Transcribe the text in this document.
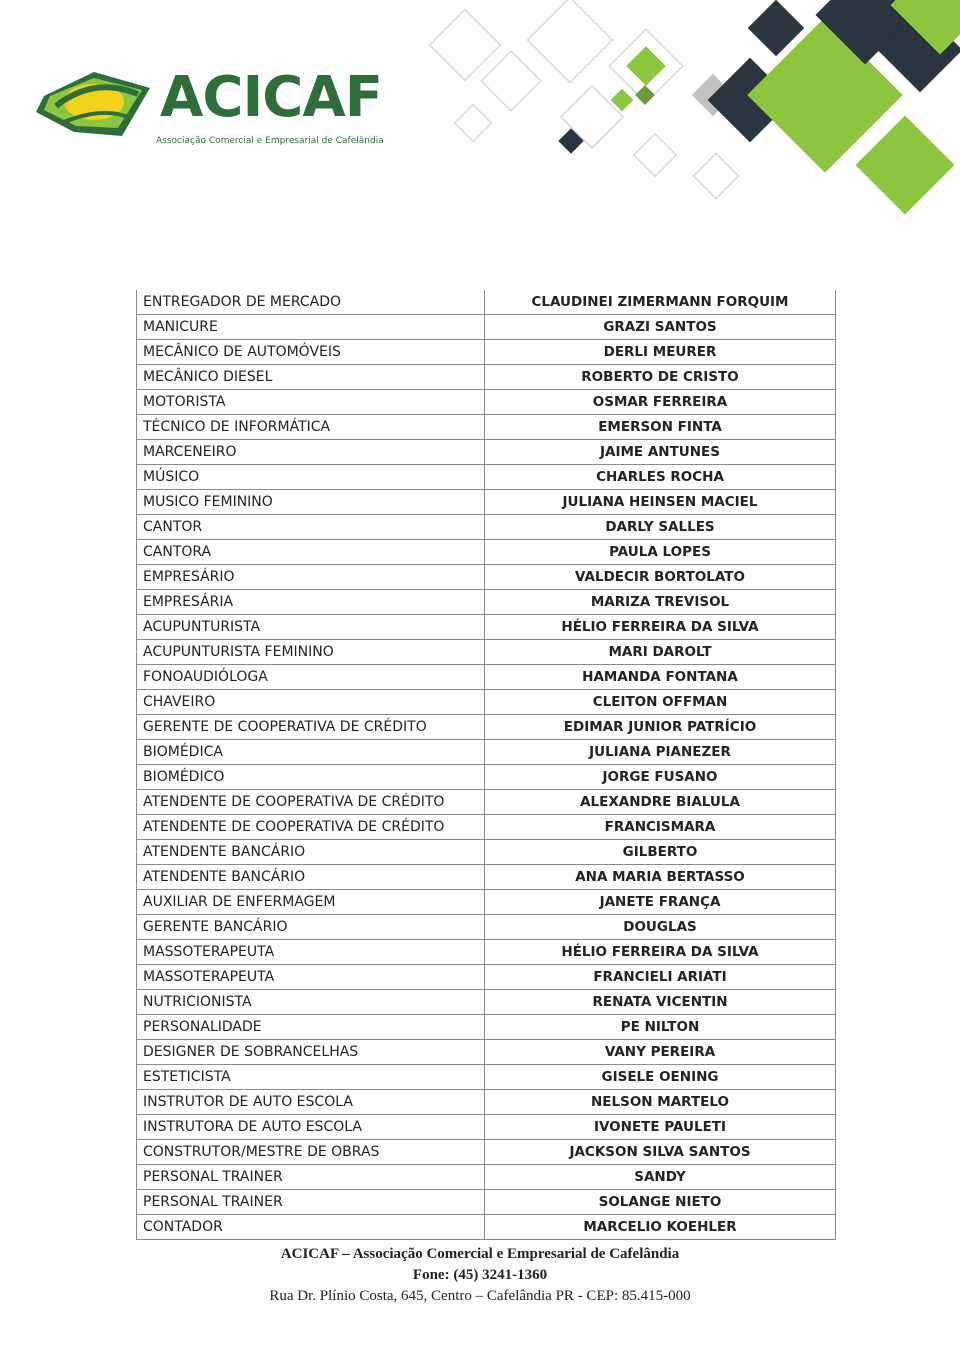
ACICAF
Associação Comercial e Empresarial de Cafelândia
ENTREGADOR DE MERCADO	CLAUDINEI ZIMERMANN FORQUIM
MANICURE	GRAZI SANTOS
MECÂNICO DE AUTOMÓVEIS	DERLI MEURER
MECÂNICO DIESEL	ROBERTO DE CRISTO
MOTORISTA	OSMAR FERREIRA
TÉCNICO DE INFORMÁTICA	EMERSON FINTA
MARCENEIRO	JAIME ANTUNES
MÚSICO	CHARLES ROCHA
MUSICO FEMININO	JULIANA HEINSEN MACIEL
CANTOR	DARLY SALLES
CANTORA	PAULA LOPES
EMPRESÁRIO	VALDECIR BORTOLATO
EMPRESÁRIA	MARIZA TREVISOL
ACUPUNTURISTA	HÉLIO FERREIRA DA SILVA
ACUPUNTURISTA FEMININO	MARI DAROLT
FONOAUDIÓLOGA	HAMANDA FONTANA
CHAVEIRO	CLEITON OFFMAN
GERENTE DE COOPERATIVA DE CRÉDITO	EDIMAR JUNIOR PATRÍCIO
BIOMÉDICA	JULIANA PIANEZER
BIOMÉDICO	JORGE FUSANO
ATENDENTE DE COOPERATIVA DE CRÉDITO	ALEXANDRE BIALULA
ATENDENTE DE COOPERATIVA DE CRÉDITO	FRANCISMARA
ATENDENTE BANCÁRIO	GILBERTO
ATENDENTE BANCÁRIO	ANA MARIA BERTASSO
AUXILIAR DE ENFERMAGEM	JANETE FRANÇA
GERENTE BANCÁRIO	DOUGLAS
MASSOTERAPEUTA	HÉLIO FERREIRA DA SILVA
MASSOTERAPEUTA	FRANCIELI ARIATI
NUTRICIONISTA	RENATA VICENTIN
PERSONALIDADE	PE NILTON
DESIGNER DE SOBRANCELHAS	VANY PEREIRA
ESTETICISTA	GISELE OENING
INSTRUTOR DE AUTO ESCOLA	NELSON MARTELO
INSTRUTORA DE AUTO ESCOLA	IVONETE PAULETI
CONSTRUTOR/MESTRE DE OBRAS	JACKSON SILVA SANTOS
PERSONAL TRAINER	SANDY
PERSONAL TRAINER	SOLANGE NIETO
CONTADOR	MARCELIO KOEHLER
ACICAF – Associação Comercial e Empresarial de Cafelândia
Fone: (45) 3241-1360
Rua Dr. Plínio Costa, 645, Centro – Cafelândia PR - CEP: 85.415-000
